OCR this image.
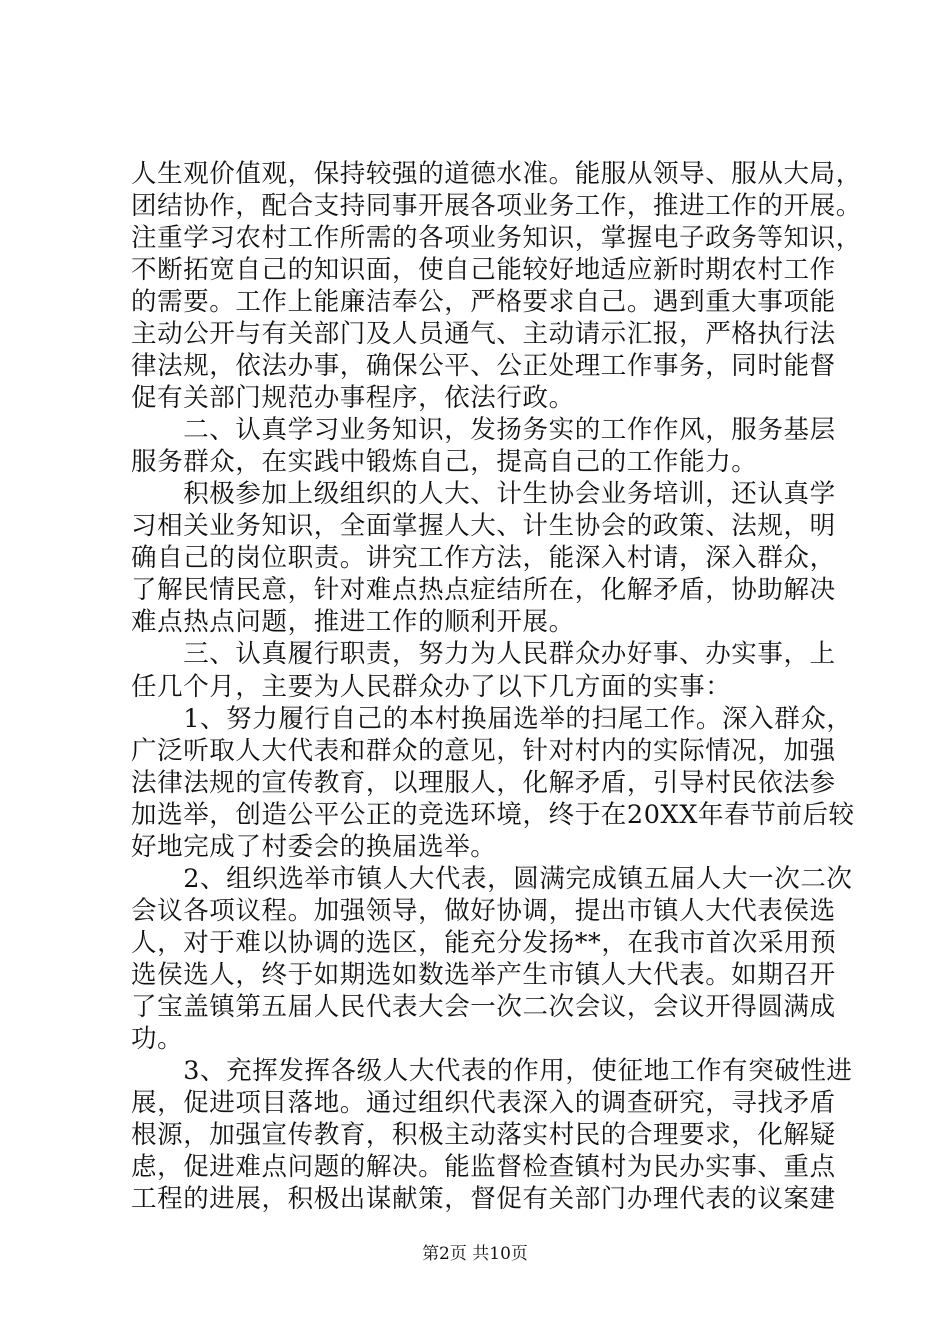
人生观价值观，保持较强的道德水准。能服从领导、服从大局，
团结协作，配合支持同事开展各项业务工作，推进工作的开展。
注重学习农村工作所需的各项业务知识，掌握电子政务等知识，
不断拓宽自己的知识面，使自己能较好地适应新时期农村工作
的需要。工作上能廉洁奉公，严格要求自己。遇到重大事项能
主动公开与有关部门及人员通气、主动请示汇报，严格执行法
律法规，依法办事，确保公平、公正处理工作事务，同时能督
促有关部门规范办事程序，依法行政。
　　二、认真学习业务知识，发扬务实的工作作风，服务基层
服务群众，在实践中锻炼自己，提高自己的工作能力。
　　积极参加上级组织的人大、计生协会业务培训，还认真学
习相关业务知识，全面掌握人大、计生协会的政策、法规，明
确自己的岗位职责。讲究工作方法，能深入村请，深入群众，
了解民情民意，针对难点热点症结所在，化解矛盾，协助解决
难点热点问题，推进工作的顺利开展。
　　三、认真履行职责，努力为人民群众办好事、办实事，上
任几个月，主要为人民群众办了以下几方面的实事：
　　1、努力履行自己的本村换届选举的扫尾工作。深入群众，
广泛听取人大代表和群众的意见，针对村内的实际情况，加强
法律法规的宣传教育，以理服人，化解矛盾，引导村民依法参
加选举，创造公平公正的竞选环境，终于在20XX年春节前后较
好地完成了村委会的换届选举。
　　2、组织选举市镇人大代表，圆满完成镇五届人大一次二次
会议各项议程。加强领导，做好协调，提出市镇人大代表侯选
人，对于难以协调的选区，能充分发扬**，在我市首次采用预
选侯选人，终于如期选如数选举产生市镇人大代表。如期召开
了宝盖镇第五届人民代表大会一次二次会议，会议开得圆满成
功。
　　3、充挥发挥各级人大代表的作用，使征地工作有突破性进
展，促进项目落地。通过组织代表深入的调查研究，寻找矛盾
根源，加强宣传教育，积极主动落实村民的合理要求，化解疑
虑，促进难点问题的解决。能监督检查镇村为民办实事、重点
工程的进展，积极出谋献策，督促有关部门办理代表的议案建
第2页 共10页
